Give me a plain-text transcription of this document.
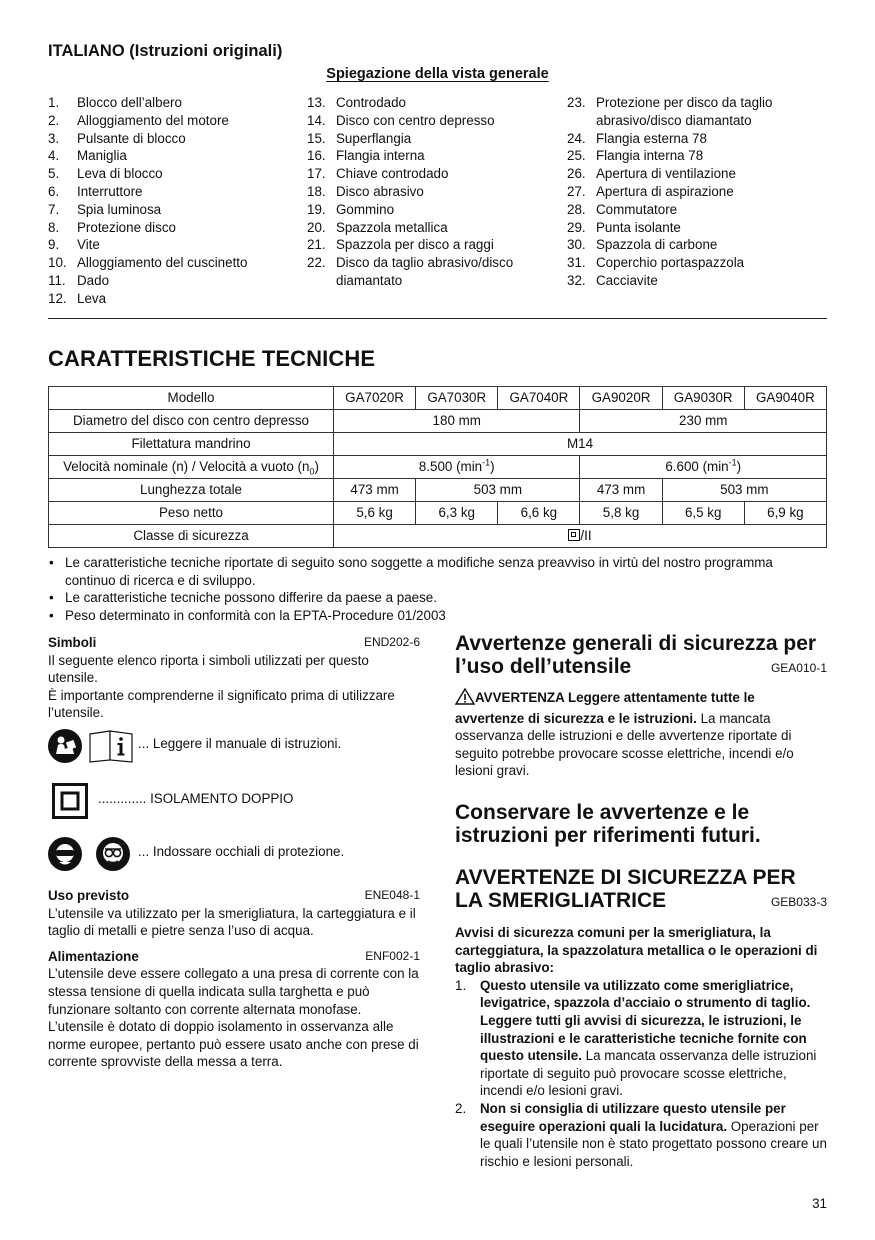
ITALIANO (Istruzioni originali)
Spiegazione della vista generale
1. Blocco dell’albero
2. Alloggiamento del motore
3. Pulsante di blocco
4. Maniglia
5. Leva di blocco
6. Interruttore
7. Spia luminosa
8. Protezione disco
9. Vite
10. Alloggiamento del cuscinetto
11. Dado
12. Leva
13. Controdado
14. Disco con centro depresso
15. Superflangia
16. Flangia interna
17. Chiave controdado
18. Disco abrasivo
19. Gommino
20. Spazzola metallica
21. Spazzola per disco a raggi
22. Disco da taglio abrasivo/disco diamantato
23. Protezione per disco da taglio abrasivo/disco diamantato
24. Flangia esterna 78
25. Flangia interna 78
26. Apertura di ventilazione
27. Apertura di aspirazione
28. Commutatore
29. Punta isolante
30. Spazzola di carbone
31. Coperchio portaspazzola
32. Cacciavite
CARATTERISTICHE TECNICHE
Modello	GA7020R	GA7030R	GA7040R	GA9020R	GA9030R	GA9040R
Diametro del disco con centro depresso	180 mm			230 mm		
Filettatura mandrino	M14					
Velocità nominale (n) / Velocità a vuoto $(n_0)$	8.500 $(\min^{-1})$			6.600 $(\min^{-1})$		
Lunghezza totale	473 mm	503 mm		473 mm	503 mm	
Peso netto	5,6 kg	6,3 kg	6,6 kg	5,8 kg	6,5 kg	6,9 kg
Classe di sicurezza	/II					
• Le caratteristiche tecniche riportate di seguito sono soggette a modifiche senza preavviso in virtù del nostro programma continuo di ricerca e di sviluppo.
• Le caratteristiche tecniche possono differire da paese a paese.
• Peso determinato in conformità con la EPTA-Procedure 01/2003
Simboli	END202-6
Il seguente elenco riporta i simboli utilizzati per questo utensile.
È importante comprenderne il significato prima di utilizzare l’utensile.
... Leggere il manuale di istruzioni.
............. ISOLAMENTO DOPPIO
... Indossare occhiali di protezione.
Uso previsto	ENE048-1
L’utensile va utilizzato per la smerigliatura, la carteggiatura e il taglio di metalli e pietre senza l’uso di acqua.
Alimentazione	ENF002-1
L’utensile deve essere collegato a una presa di corrente con la stessa tensione di quella indicata sulla targhetta e può funzionare soltanto con corrente alternata monofase. L’utensile è dotato di doppio isolamento in osservanza alle norme europee, pertanto può essere usato anche con prese di corrente sprovviste della messa a terra.
Avvertenze generali di sicurezza per l’uso dell’utensile	GEA010-1
AVVERTENZA Leggere attentamente tutte le avvertenze di sicurezza e le istruzioni. La mancata osservanza delle istruzioni e delle avvertenze riportate di seguito potrebbe provocare scosse elettriche, incendi e/o lesioni gravi.
Conservare le avvertenze e le istruzioni per riferimenti futuri.
AVVERTENZE DI SICUREZZA PER LA SMERIGLIATRICE	GEB033-3
Avvisi di sicurezza comuni per la smerigliatura, la carteggiatura, la spazzolatura metallica o le operazioni di taglio abrasivo:
1. Questo utensile va utilizzato come smerigliatrice, levigatrice, spazzola d’acciaio o strumento di taglio. Leggere tutti gli avvisi di sicurezza, le istruzioni, le illustrazioni e le caratteristiche tecniche fornite con questo utensile. La mancata osservanza delle istruzioni riportate di seguito può provocare scosse elettriche, incendi e/o lesioni gravi.
2. Non si consiglia di utilizzare questo utensile per eseguire operazioni quali la lucidatura. Operazioni per le quali l’utensile non è stato progettato possono creare un rischio e lesioni personali.
31
